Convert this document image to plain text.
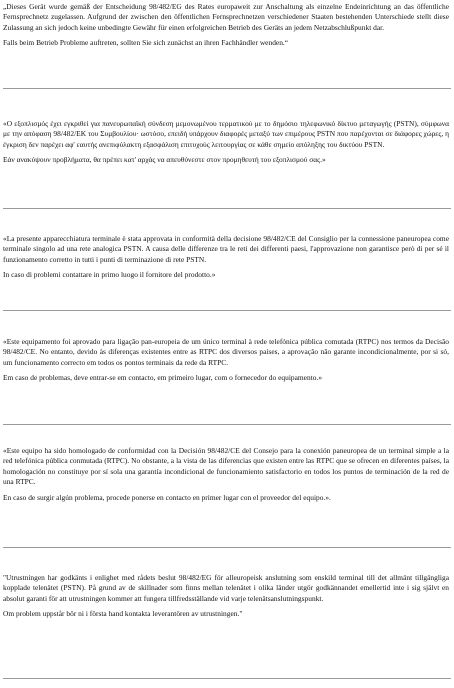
„Dieses Gerät wurde gemäß der Entscheidung 98/482/EG des Rates europaweit zur Anschaltung als einzelne Endeinrichtung an das öffentliche Fernsprechnetz zugelassen. Aufgrund der zwischen den öffentlichen Fernsprechnetzen verschiedener Staaten bestehenden Unterschiede stellt diese Zulassung an sich jedoch keine unbedingte Gewähr für einen erfolgreichen Betrieb des Geräts an jedem Netzabschlußpunkt dar.

Falls beim Betrieb Probleme auftreten, sollten Sie sich zunächst an ihren Fachhändler wenden.“

«Ο εξοπλισμός έχει εγκριθεί για πανευρωπαϊκή σύνδεση μεμονωμένου τερματικού με το δημόσιο τηλεφωνικό δίκτυο μεταγωγής (PSTN), σύμφωνα με την απόφαση 98/482/ΕΚ του Συμβουλίου· ωστόσο, επειδή υπάρχουν διαφορές μεταξύ των επιμέρους PSTN που παρέχονται σε διάφορες χώρες, η έγκριση δεν παρέχει αφ' εαυτής ανεπιφύλακτη εξασφάλιση επιτυχούς λειτουργίας σε κάθε σημείο απόληξης του δικτύου PSTN.

Εάν ανακύψουν προβλήματα, θα πρέπει κατ' αρχάς να απευθύνεστε στον προμηθευτή του εξοπλισμού σας.»

«La presente apparecchiatura terminale è stata approvata in conformità della decisione 98/482/CE del Consiglio per la connessione paneuropea come terminale singolo ad una rete analogica PSTN. A causa delle differenze tra le reti dei differenti paesi, l'approvazione non garantisce però di per sé il funzionamento corretto in tutti i punti di terminazione di rete PSTN.

In caso di problemi contattare in primo luogo il fornitore del prodotto.»

«Este equipamento foi aprovado para ligação pan-europeia de um único terminal à rede telefónica pública comutada (RTPC) nos termos da Decisão 98/482/CE. No entanto, devido às diferenças existentes entre as RTPC dos diversos países, a aprovação não garante incondicionalmente, por si só, um funcionamento correcto em todos os pontos terminais da rede da RTPC.

Em caso de problemas, deve entrar-se em contacto, em primeiro lugar, com o fornecedor do equipamento.»

«Este equipo ha sido homologado de conformidad con la Decisión 98/482/CE del Consejo para la conexión paneuropea de un terminal simple a la red telefónica pública conmutada (RTPC). No obstante, a la vista de las diferencias que existen entre las RTPC que se ofrecen en diferentes países, la homologación no constituye por sí sola una garantía incondicional de funcionamiento satisfactorio en todos los puntos de terminación de la red de una RTPC.

En caso de surgir algún problema, procede ponerse en contacto en primer lugar con el proveedor del equipo.».

"Utrustningen har godkänts i enlighet med rådets beslut 98/482/EG för alleuropeisk anslutning som enskild terminal till det allmänt tillgängliga kopplade telenätet (PSTN). På grund av de skillnader som finns mellan telenätet i olika länder utgör godkännandet emellertid inte i sig självt en absolut garanti för att utrustningen kommer att fungera tillfredsställande vid varje telenätsanslutningspunkt.

Om problem uppstår bör ni i första hand kontakta leverantören av utrustningen."
